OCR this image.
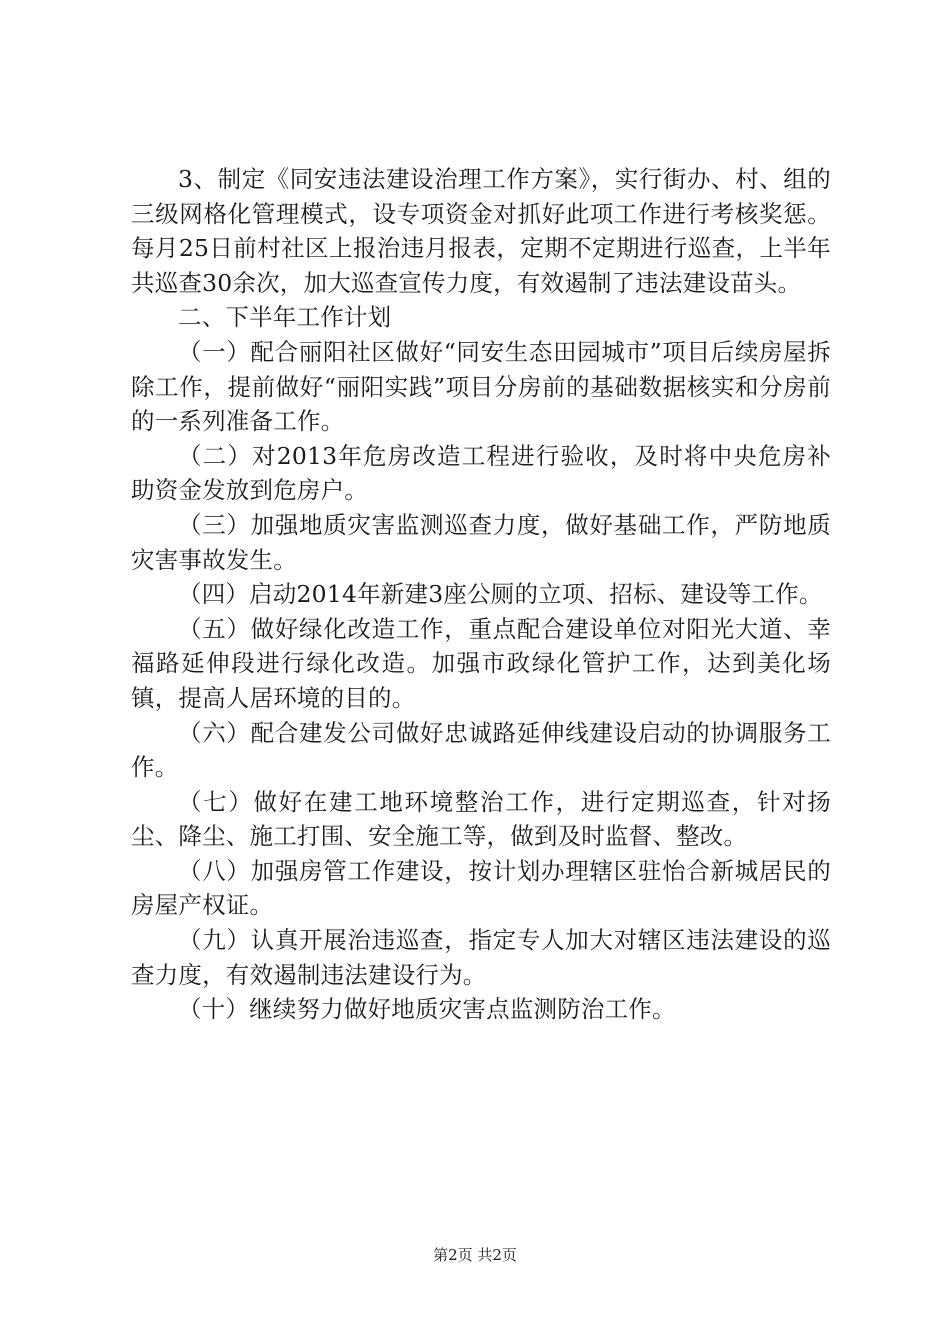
3、制定《同安违法建设治理工作方案》，实行街办、村、组的三级网格化管理模式，设专项资金对抓好此项工作进行考核奖惩。每月25日前村社区上报治违月报表，定期不定期进行巡查，上半年共巡查30余次，加大巡查宣传力度，有效遏制了违法建设苗头。

二、下半年工作计划

（一）配合丽阳社区做好“同安生态田园城市”项目后续房屋拆除工作，提前做好“丽阳实践”项目分房前的基础数据核实和分房前的一系列准备工作。

（二）对2013年危房改造工程进行验收，及时将中央危房补助资金发放到危房户。

（三）加强地质灾害监测巡查力度，做好基础工作，严防地质灾害事故发生。

（四）启动2014年新建3座公厕的立项、招标、建设等工作。

（五）做好绿化改造工作，重点配合建设单位对阳光大道、幸福路延伸段进行绿化改造。加强市政绿化管护工作，达到美化场镇，提高人居环境的目的。

（六）配合建发公司做好忠诚路延伸线建设启动的协调服务工作。

（七）做好在建工地环境整治工作，进行定期巡查，针对扬尘、降尘、施工打围、安全施工等，做到及时监督、整改。

（八）加强房管工作建设，按计划办理辖区驻怡合新城居民的房屋产权证。

（九）认真开展治违巡查，指定专人加大对辖区违法建设的巡查力度，有效遏制违法建设行为。

（十）继续努力做好地质灾害点监测防治工作。

第2页 共2页
